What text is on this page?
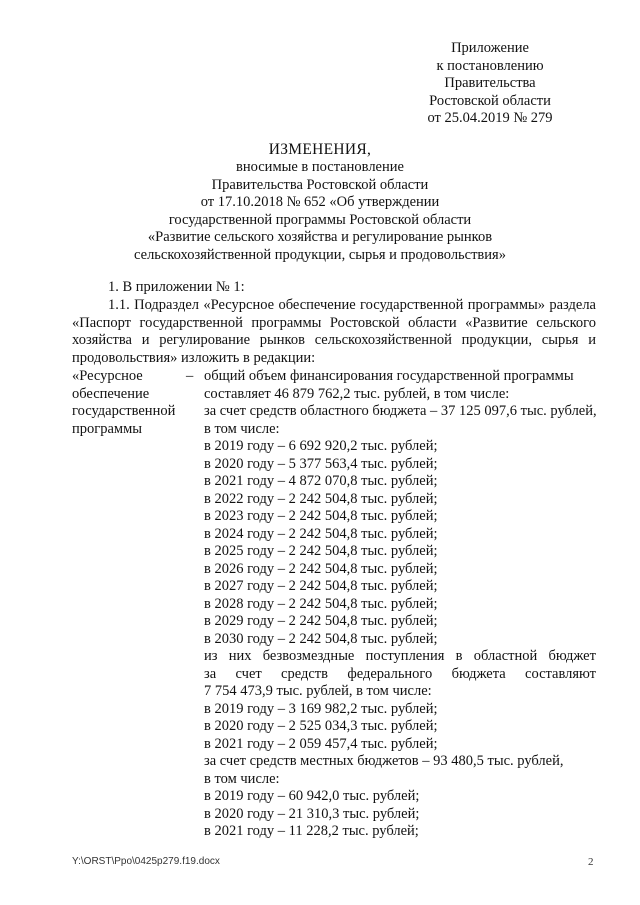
Приложение
к постановлению
Правительства
Ростовской области
от 25.04.2019 № 279
ИЗМЕНЕНИЯ,
вносимые в постановление
Правительства Ростовской области
от 17.10.2018 № 652 «Об утверждении
государственной программы Ростовской области
«Развитие сельского хозяйства и регулирование рынков
сельскохозяйственной продукции, сырья и продовольствия»
1. В приложении № 1:
1.1. Подраздел «Ресурсное обеспечение государственной программы» раздела «Паспорт государственной программы Ростовской области «Развитие сельского хозяйства и регулирование рынков сельскохозяйственной продукции, сырья и продовольствия» изложить в редакции:
«Ресурсное
обеспечение
государственной
программы
– общий объем финансирования государственной программы
составляет 46 879 762,2 тыс. рублей, в том числе:
за счет средств областного бюджета – 37 125 097,6 тыс. рублей,
в том числе:
в 2019 году – 6 692 920,2 тыс. рублей;
в 2020 году – 5 377 563,4 тыс. рублей;
в 2021 году – 4 872 070,8 тыс. рублей;
в 2022 году – 2 242 504,8 тыс. рублей;
в 2023 году – 2 242 504,8 тыс. рублей;
в 2024 году – 2 242 504,8 тыс. рублей;
в 2025 году – 2 242 504,8 тыс. рублей;
в 2026 году – 2 242 504,8 тыс. рублей;
в 2027 году – 2 242 504,8 тыс. рублей;
в 2028 году – 2 242 504,8 тыс. рублей;
в 2029 году – 2 242 504,8 тыс. рублей;
в 2030 году – 2 242 504,8 тыс. рублей;
из них безвозмездные поступления в областной бюджет
за счет средств федерального бюджета составляют
7 754 473,9 тыс. рублей, в том числе:
в 2019 году – 3 169 982,2 тыс. рублей;
в 2020 году – 2 525 034,3 тыс. рублей;
в 2021 году – 2 059 457,4 тыс. рублей;
за счет средств местных бюджетов – 93 480,5 тыс. рублей,
в том числе:
в 2019 году – 60 942,0 тыс. рублей;
в 2020 году – 21 310,3 тыс. рублей;
в 2021 году – 11 228,2 тыс. рублей;
Y:\ORST\Ppo\0425p279.f19.docx	2
